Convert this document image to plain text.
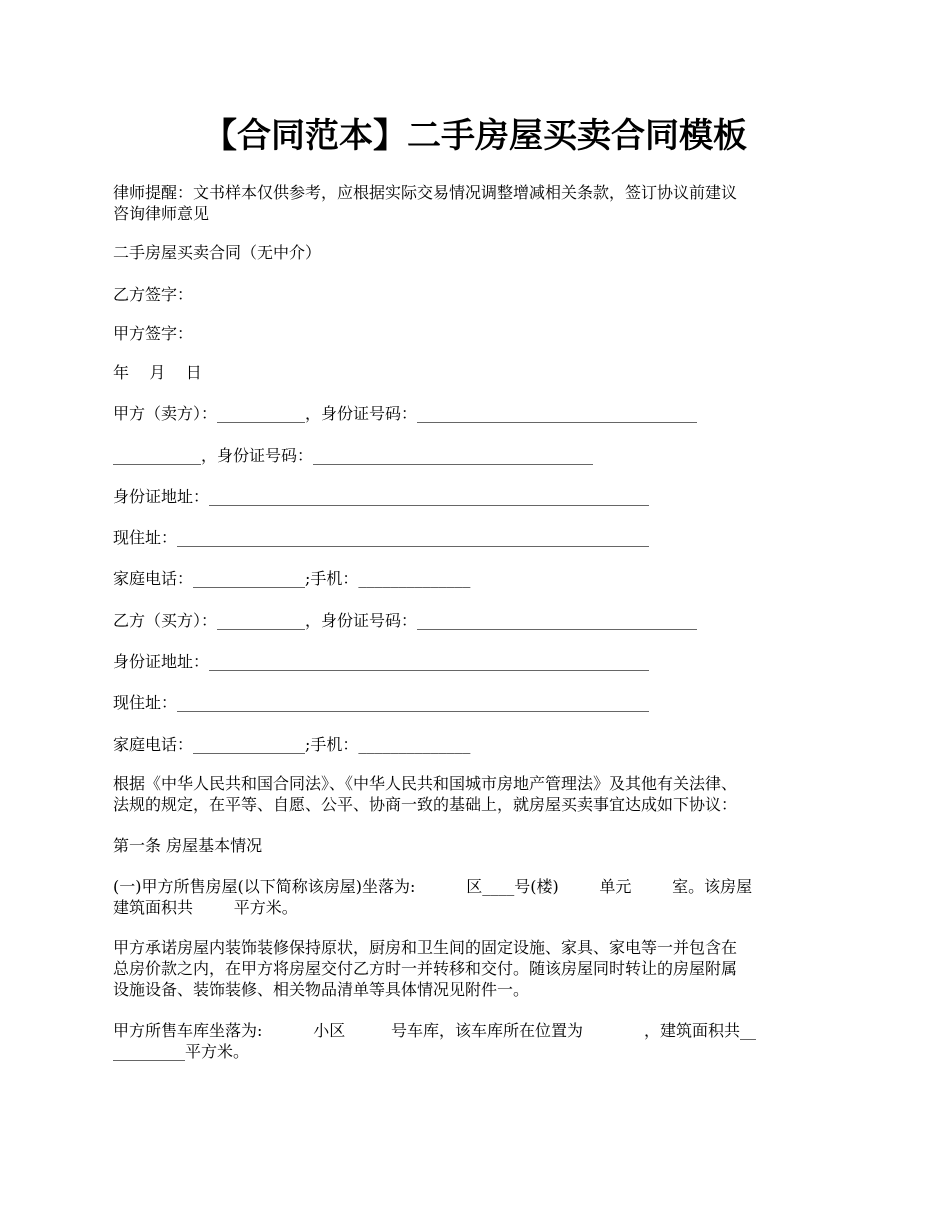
【合同范本】二手房屋买卖合同模板

律师提醒：文书样本仅供参考，应根据实际交易情况调整增减相关条款，签订协议前建议

咨询律师意见

二手房屋买卖合同（无中介）

乙方签字：

甲方签字：

年    月    日

甲方（卖方）：___________，身份证号码：___________________________________

___________，身份证号码：___________________________________

身份证地址：_______________________________________________________

现住址：___________________________________________________________

家庭电话：______________;手机：______________

乙方（买方）：___________，身份证号码：___________________________________

身份证地址：_______________________________________________________

现住址：___________________________________________________________

家庭电话：______________;手机：______________

根据《中华人民共和国合同法》、《中华人民共和国城市房地产管理法》及其他有关法律、

法规的规定，在平等、自愿、公平、协商一致的基础上，就房屋买卖事宜达成如下协议：

第一条 房屋基本情况

(一)甲方所售房屋(以下简称该房屋)坐落为:          区____号(楼)        单元        室。该房屋

建筑面积共        平方米。

甲方承诺房屋内装饰装修保持原状，厨房和卫生间的固定设施、家具、家电等一并包含在

总房价款之内，在甲方将房屋交付乙方时一并转移和交付。随该房屋同时转让的房屋附属

设施设备、装饰装修、相关物品清单等具体情况见附件一。

甲方所售车库坐落为:          小区         号车库，该车库所在位置为            ，建筑面积共__

_________平方米。
